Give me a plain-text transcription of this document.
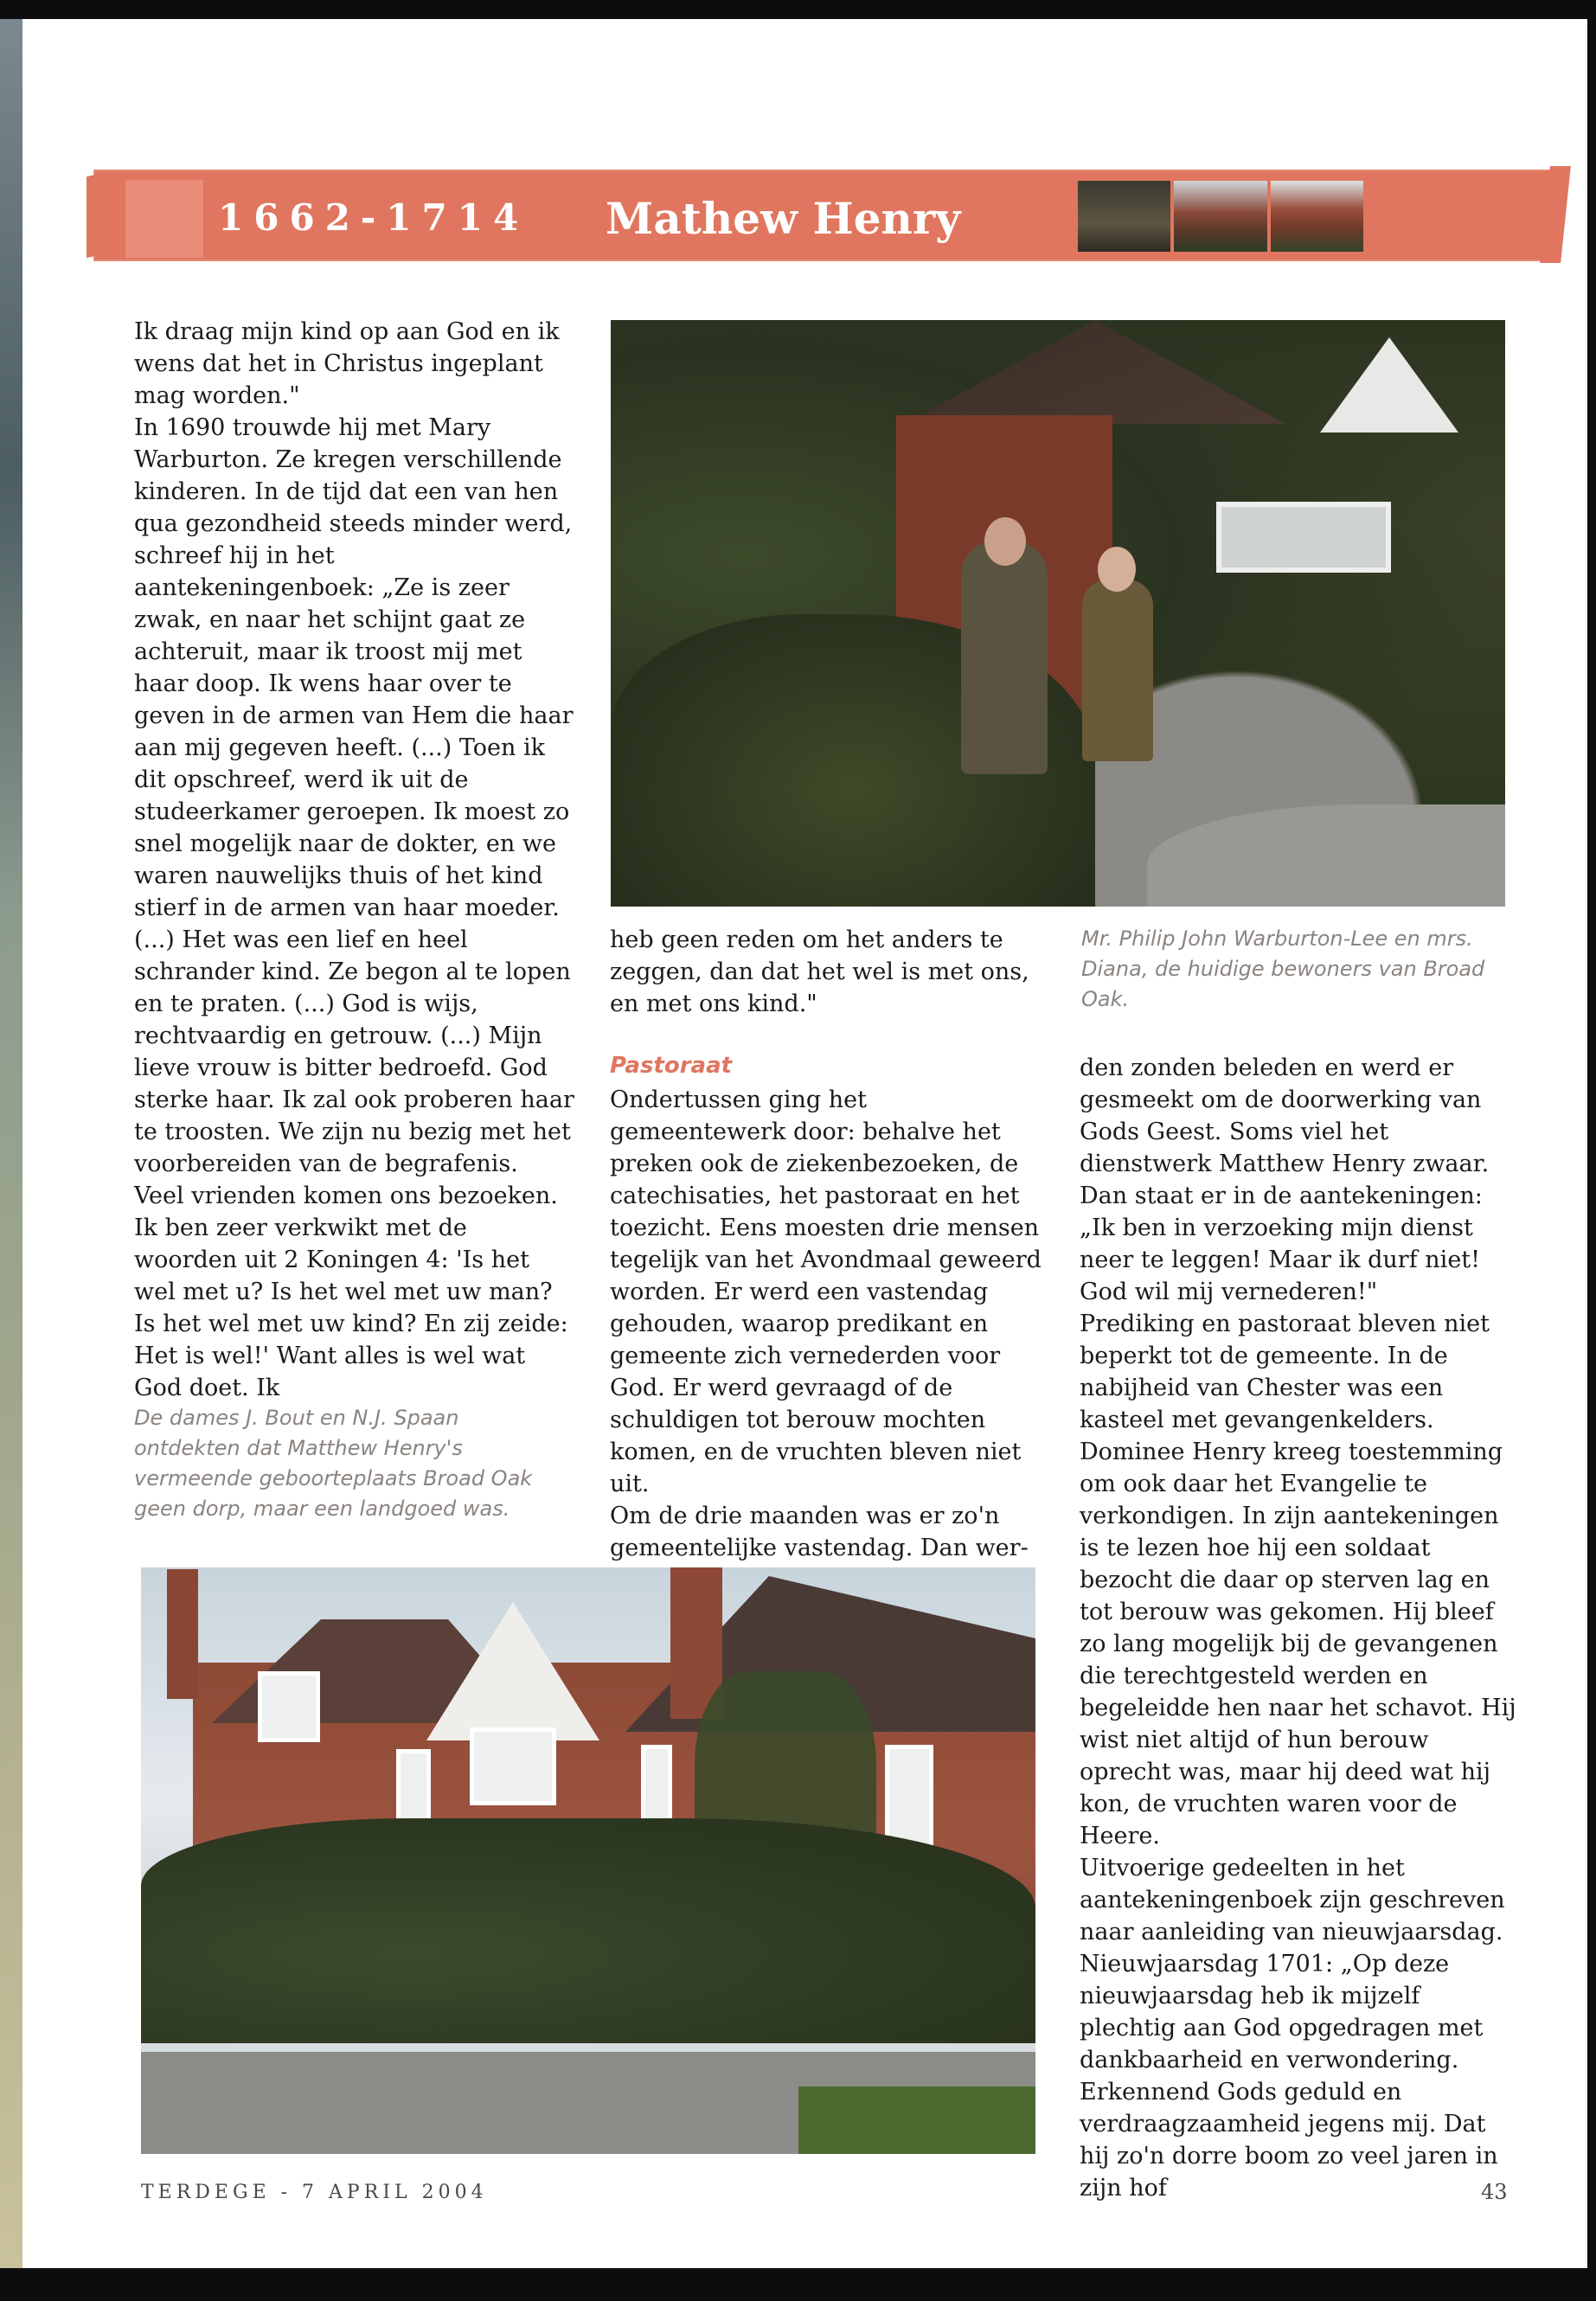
1662-1714 Mathew Henry

Ik draag mijn kind op aan God en ik wens dat het in Christus ingeplant mag worden."

In 1690 trouwde hij met Mary Warburton. Ze kregen verschillende kinderen. In de tijd dat een van hen qua gezondheid steeds minder werd, schreef hij in het aantekeningenboek: „Ze is zeer zwak, en naar het schijnt gaat ze achteruit, maar ik troost mij met haar doop. Ik wens haar over te geven in de armen van Hem die haar aan mij gegeven heeft. (...) Toen ik dit opschreef, werd ik uit de studeerkamer geroepen. Ik moest zo snel mogelijk naar de dokter, en we waren nauwelijks thuis of het kind stierf in de armen van haar moeder. (...) Het was een lief en heel schrander kind. Ze begon al te lopen en te praten. (...) God is wijs, rechtvaardig en getrouw. (...) Mijn lieve vrouw is bitter bedroefd. God sterke haar. Ik zal ook proberen haar te troosten. We zijn nu bezig met het voorbereiden van de begrafenis. Veel vrienden komen ons bezoeken. Ik ben zeer verkwikt met de woorden uit 2 Koningen 4: 'Is het wel met u? Is het wel met uw man? Is het wel met uw kind? En zij zeide: Het is wel!' Want alles is wel wat God doet. Ik

De dames J. Bout en N.J. Spaan ontdekten dat Matthew Henry's vermeende geboorteplaats Broad Oak geen dorp, maar een landgoed was.

heb geen reden om het anders te zeggen, dan dat het wel is met ons, en met ons kind."

Pastoraat

Ondertussen ging het gemeentewerk door: behalve het preken ook de ziekenbezoeken, de catechisaties, het pastoraat en het toezicht. Eens moesten drie mensen tegelijk van het Avondmaal geweerd worden. Er werd een vastendag gehouden, waarop predikant en gemeente zich vernederden voor God. Er werd gevraagd of de schuldigen tot berouw mochten komen, en de vruchten bleven niet uit.

Om de drie maanden was er zo'n gemeentelijke vastendag. Dan wer-

Mr. Philip John Warburton-Lee en mrs. Diana, de huidige bewoners van Broad Oak.

den zonden beleden en werd er gesmeekt om de doorwerking van Gods Geest. Soms viel het dienstwerk Matthew Henry zwaar. Dan staat er in de aantekeningen: „Ik ben in verzoeking mijn dienst neer te leggen! Maar ik durf niet! God wil mij vernederen!"

Prediking en pastoraat bleven niet beperkt tot de gemeente. In de nabijheid van Chester was een kasteel met gevangenkelders. Dominee Henry kreeg toestemming om ook daar het Evangelie te verkondigen. In zijn aantekeningen is te lezen hoe hij een soldaat bezocht die daar op sterven lag en tot berouw was gekomen. Hij bleef zo lang mogelijk bij de gevangenen die terechtgesteld werden en begeleidde hen naar het schavot. Hij wist niet altijd of hun berouw oprecht was, maar hij deed wat hij kon, de vruchten waren voor de Heere.

Uitvoerige gedeelten in het aantekeningenboek zijn geschreven naar aanleiding van nieuwjaarsdag. Nieuwjaarsdag 1701: „Op deze nieuwjaarsdag heb ik mijzelf plechtig aan God opgedragen met dankbaarheid en verwondering. Erkennend Gods geduld en verdraagzaamheid jegens mij. Dat hij zo'n dorre boom zo veel jaren in zijn hof

TERDEGE - 7 APRIL 2004	43
